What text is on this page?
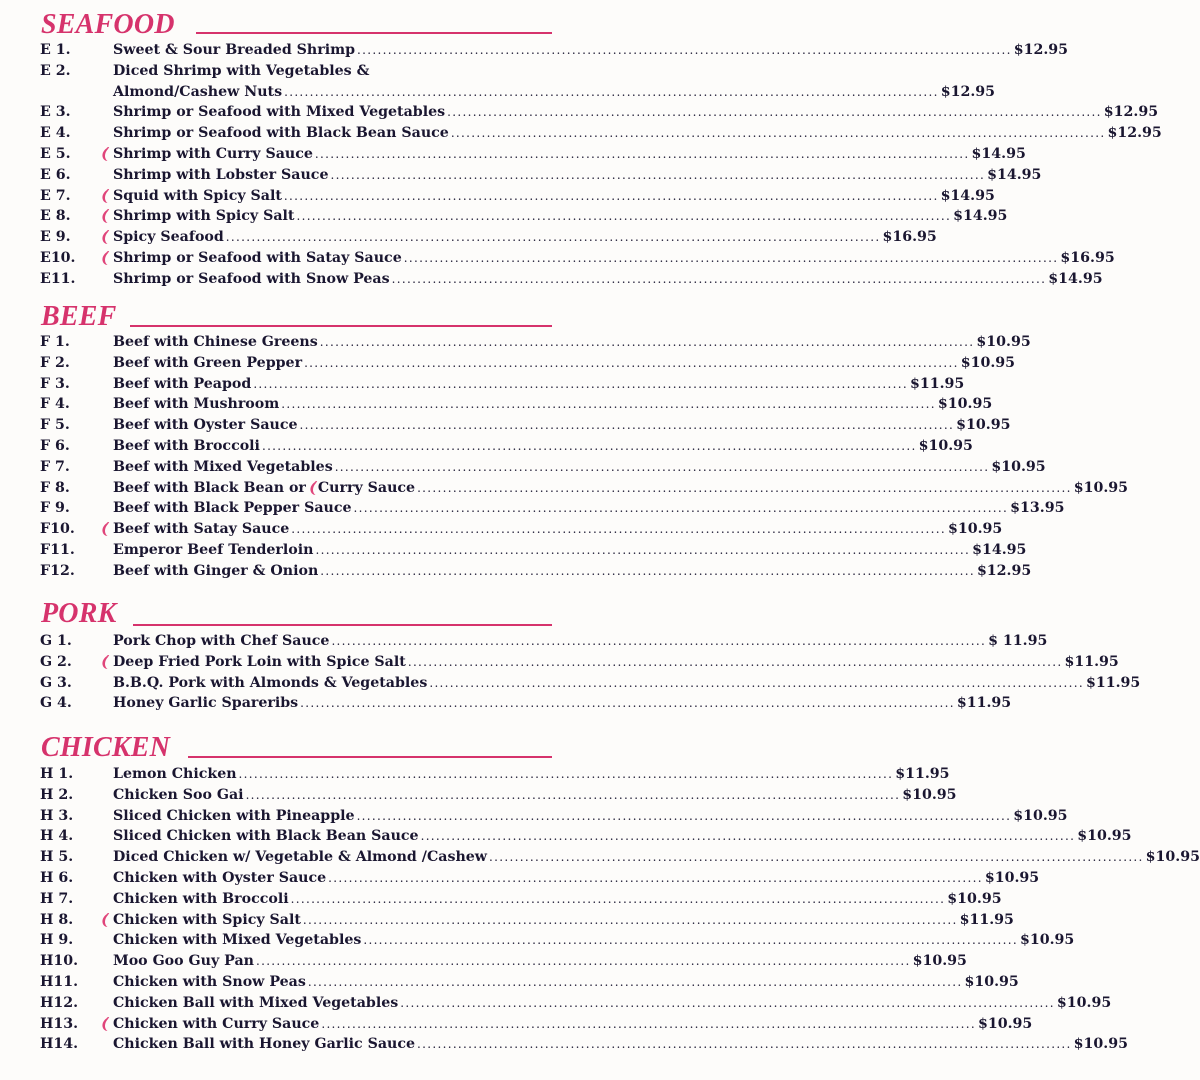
SEAFOOD
E 1.	Sweet & Sour Breaded Shrimp ................................................................................................................................ $12.95
E 2.	Diced Shrimp with Vegetables &
Almond/Cashew Nuts ................................................................................................................................ $12.95
E 3.	Shrimp or Seafood with Mixed Vegetables ................................................................................................................................ $12.95
E 4.	Shrimp or Seafood with Black Bean Sauce ................................................................................................................................ $12.95
E 5.	Shrimp with Curry Sauce ................................................................................................................................ $14.95
E 6.	Shrimp with Lobster Sauce ................................................................................................................................ $14.95
E 7.	Squid with Spicy Salt ................................................................................................................................ $14.95
E 8.	Shrimp with Spicy Salt ................................................................................................................................ $14.95
E 9.	Spicy Seafood ................................................................................................................................ $16.95
E10.	Shrimp or Seafood with Satay Sauce ................................................................................................................................ $16.95
E11.	Shrimp or Seafood with Snow Peas ................................................................................................................................ $14.95
BEEF
F 1.	Beef with Chinese Greens ................................................................................................................................ $10.95
F 2.	Beef with Green Pepper ................................................................................................................................ $10.95
F 3.	Beef with Peapod ................................................................................................................................ $11.95
F 4.	Beef with Mushroom ................................................................................................................................ $10.95
F 5.	Beef with Oyster Sauce ................................................................................................................................ $10.95
F 6.	Beef with Broccoli ................................................................................................................................ $10.95
F 7.	Beef with Mixed Vegetables ................................................................................................................................ $10.95
F 8.	Beef with Black Bean or Curry Sauce ................................................................................................................................ $10.95
F 9.	Beef with Black Pepper Sauce ................................................................................................................................ $13.95
F10.	Beef with Satay Sauce ................................................................................................................................ $10.95
F11.	Emperor Beef Tenderloin ................................................................................................................................ $14.95
F12.	Beef with Ginger & Onion ................................................................................................................................ $12.95
PORK
G 1.	Pork Chop with Chef Sauce ................................................................................................................................ $ 11.95
G 2.	Deep Fried Pork Loin with Spice Salt ................................................................................................................................ $11.95
G 3.	B.B.Q. Pork with Almonds & Vegetables ................................................................................................................................ $11.95
G 4.	Honey Garlic Spareribs ................................................................................................................................ $11.95
CHICKEN
H 1.	Lemon Chicken ................................................................................................................................ $11.95
H 2.	Chicken Soo Gai ................................................................................................................................ $10.95
H 3.	Sliced Chicken with Pineapple ................................................................................................................................ $10.95
H 4.	Sliced Chicken with Black Bean Sauce ................................................................................................................................ $10.95
H 5.	Diced Chicken w/ Vegetable & Almond /Cashew ................................................................................................................................ $10.95
H 6.	Chicken with Oyster Sauce ................................................................................................................................ $10.95
H 7.	Chicken with Broccoli ................................................................................................................................ $10.95
H 8.	Chicken with Spicy Salt ................................................................................................................................ $11.95
H 9.	Chicken with Mixed Vegetables ................................................................................................................................ $10.95
H10. Moo Goo Guy Pan ................................................................................................................................ $10.95
H11. Chicken with Snow Peas ................................................................................................................................ $10.95
H12. Chicken Ball with Mixed Vegetables ................................................................................................................................ $10.95
H13. Chicken with Curry Sauce ................................................................................................................................ $10.95
H14. Chicken Ball with Honey Garlic Sauce ................................................................................................................................ $10.95
